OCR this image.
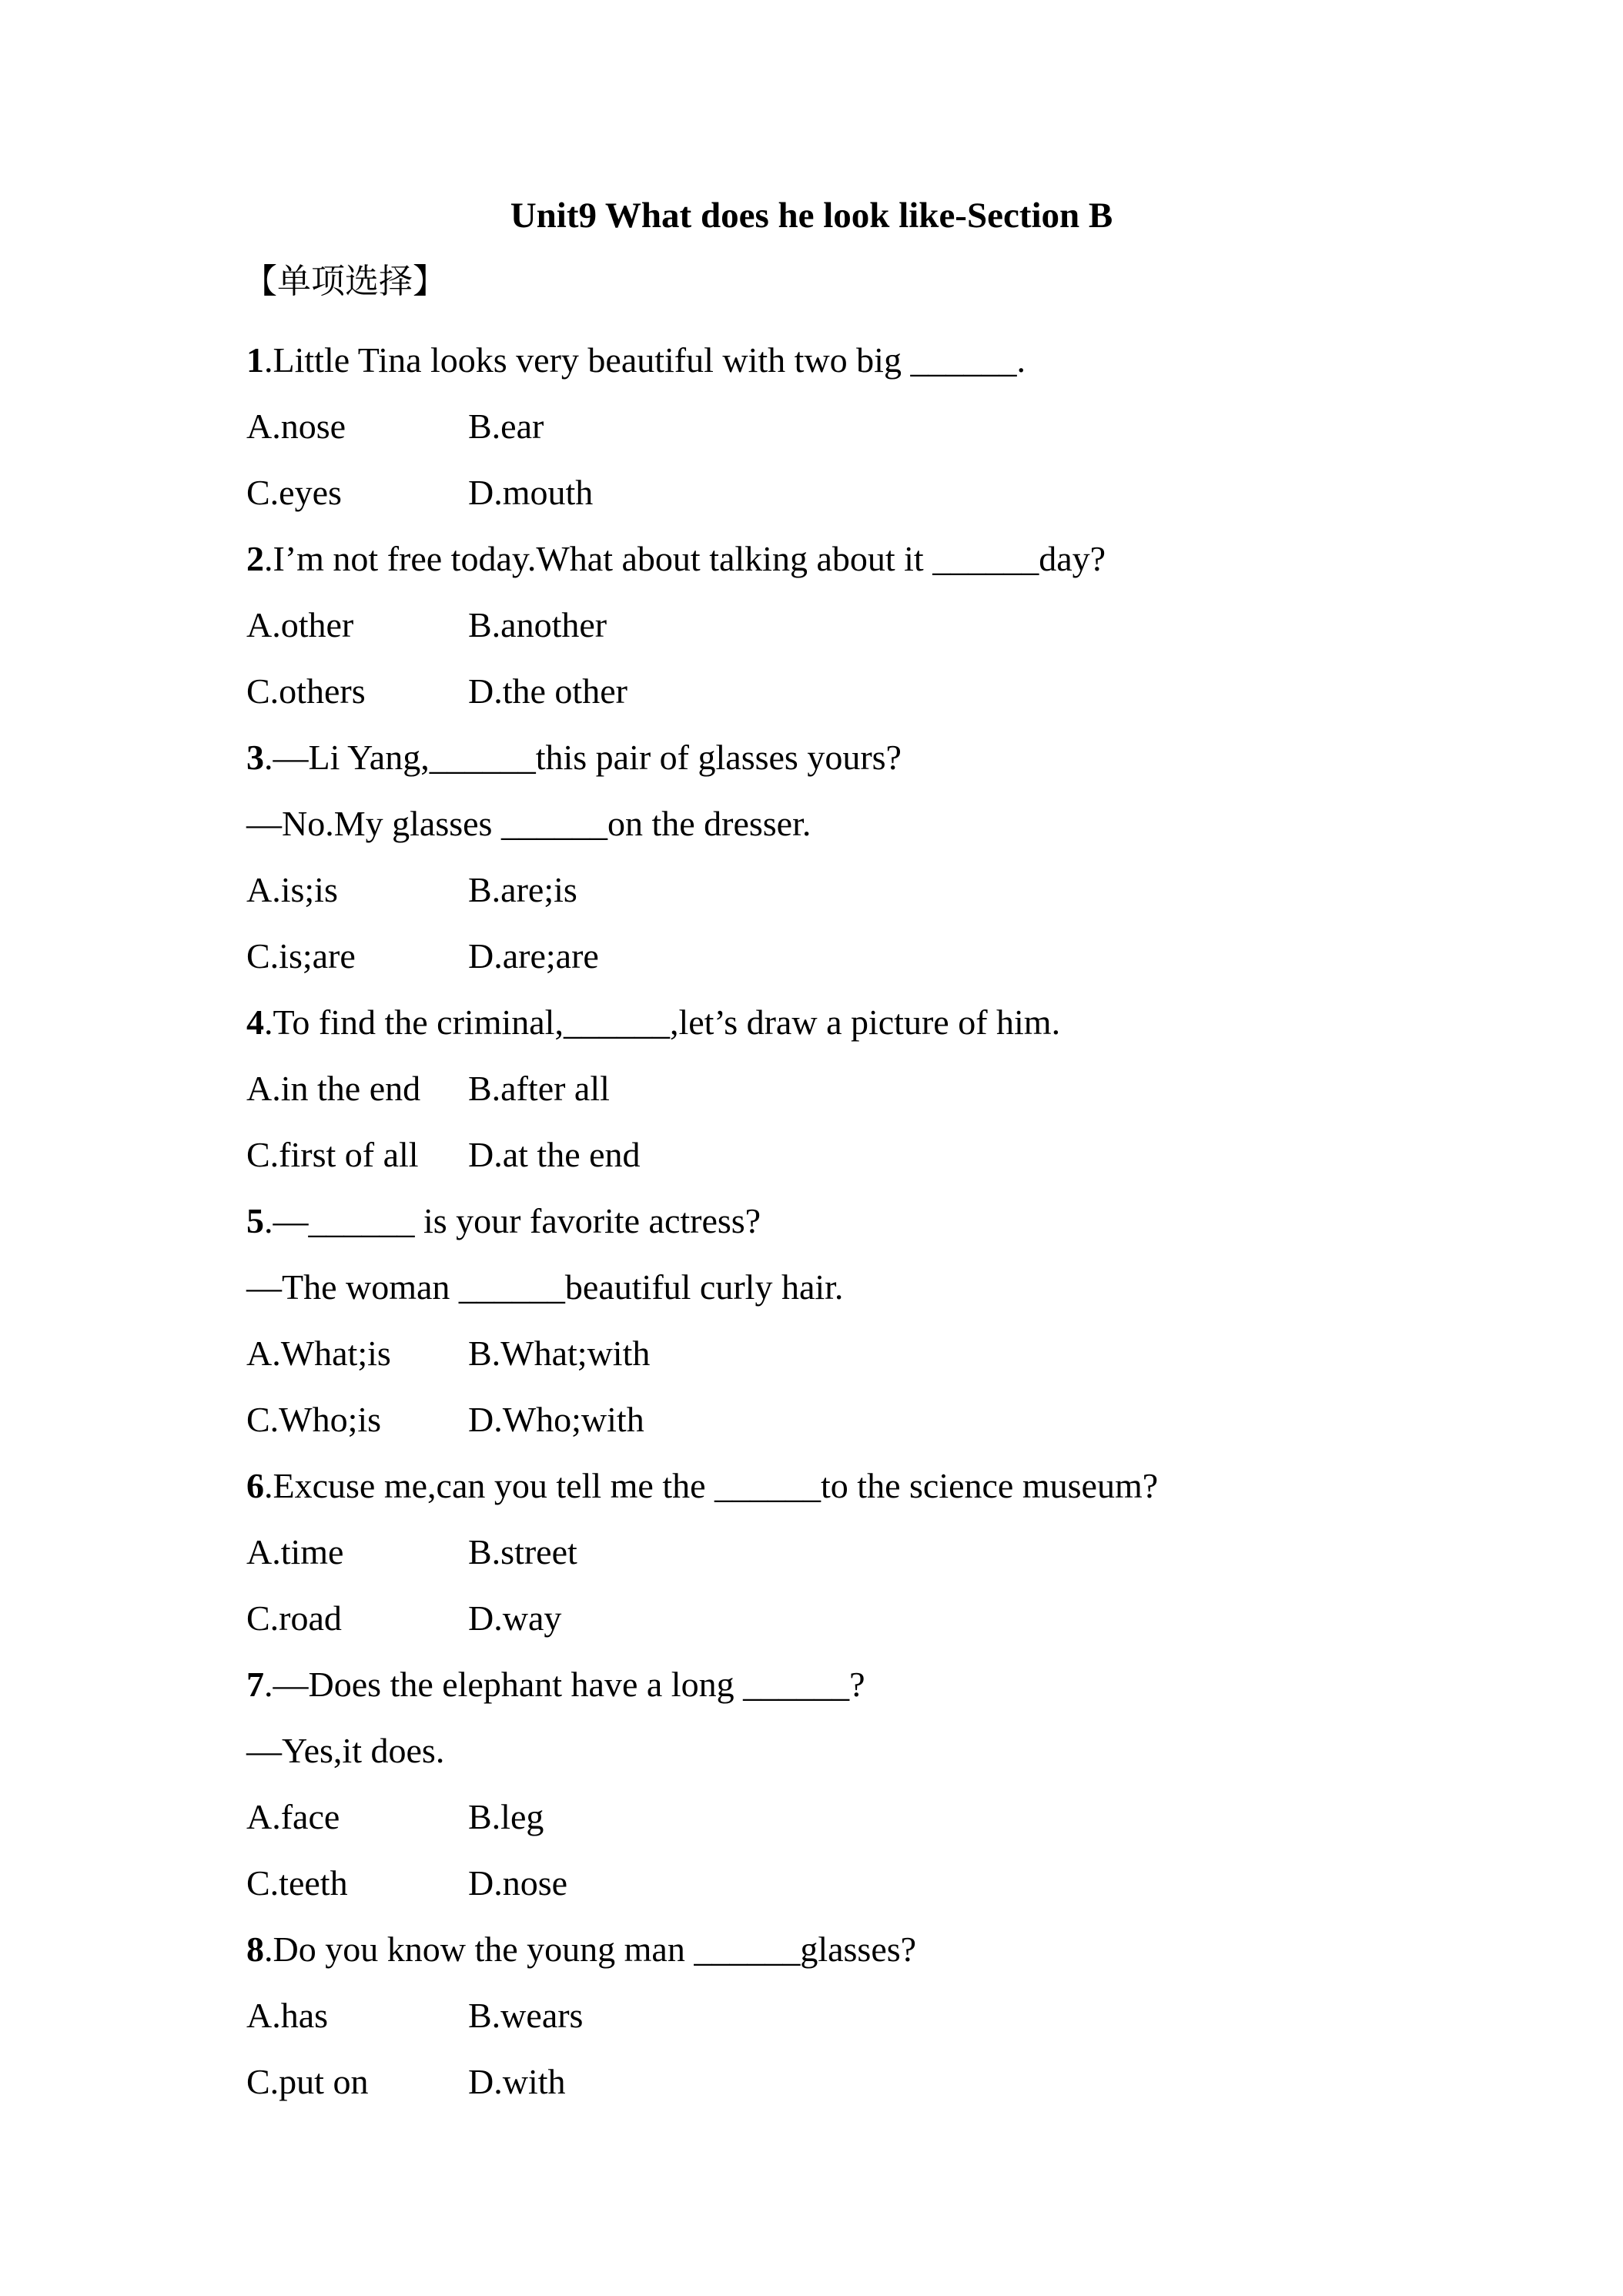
Unit9 What does he look like-Section B
【单项选择】
1.Little Tina looks very beautiful with two big ______.
A.nose	B.ear
C.eyes	D.mouth
2.I’m not free today.What about talking about it ______day?
A.other	B.another
C.others	D.the other
3.—Li Yang,______this pair of glasses yours?
—No.My glasses ______on the dresser.
A.is;is	B.are;is
C.is;are	D.are;are
4.To find the criminal,______,let’s draw a picture of him.
A.in the end B.after all
C.first of all D.at the end
5.—______ is your favorite actress?
—The woman ______beautiful curly hair.
A.What;is B.What;with
C.Who;is D.Who;with
6.Excuse me,can you tell me the ______to the science museum?
A.time	B.street
C.road	D.way
7.—Does the elephant have a long ______?
—Yes,it does.
A.face	B.leg
C.teeth	D.nose
8.Do you know the young man ______glasses?
A.has	B.wears
C.put on	D.with
